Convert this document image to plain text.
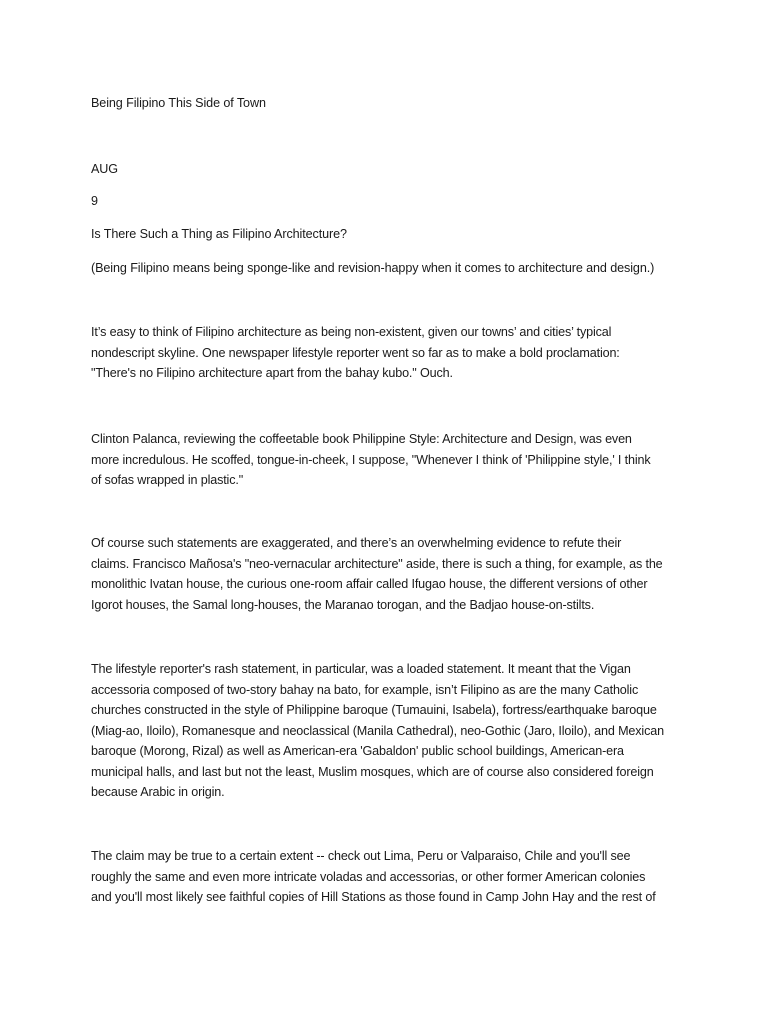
Being Filipino This Side of Town
AUG
9
Is There Such a Thing as Filipino Architecture?
(Being Filipino means being sponge-like and revision-happy when it comes to architecture and design.)

It’s easy to think of Filipino architecture as being non-existent, given our towns’ and cities’ typical
nondescript skyline. One newspaper lifestyle reporter went so far as to make a bold proclamation:
"There's no Filipino architecture apart from the bahay kubo." Ouch.

Clinton Palanca, reviewing the coffeetable book Philippine Style: Architecture and Design, was even
more incredulous. He scoffed, tongue-in-cheek, I suppose, "Whenever I think of 'Philippine style,' I think
of sofas wrapped in plastic."

Of course such statements are exaggerated, and there’s an overwhelming evidence to refute their
claims. Francisco Mañosa's "neo-vernacular architecture" aside, there is such a thing, for example, as the
monolithic Ivatan house, the curious one-room affair called Ifugao house, the different versions of other
Igorot houses, the Samal long-houses, the Maranao torogan, and the Badjao house-on-stilts.

The lifestyle reporter's rash statement, in particular, was a loaded statement. It meant that the Vigan
accessoria composed of two-story bahay na bato, for example, isn’t Filipino as are the many Catholic
churches constructed in the style of Philippine baroque (Tumauini, Isabela), fortress/earthquake baroque
(Miag-ao, Iloilo), Romanesque and neoclassical (Manila Cathedral), neo-Gothic (Jaro, Iloilo), and Mexican
baroque (Morong, Rizal) as well as American-era 'Gabaldon' public school buildings, American-era
municipal halls, and last but not the least, Muslim mosques, which are of course also considered foreign
because Arabic in origin.

The claim may be true to a certain extent -- check out Lima, Peru or Valparaiso, Chile and you'll see
roughly the same and even more intricate voladas and accessorias, or other former American colonies
and you'll most likely see faithful copies of Hill Stations as those found in Camp John Hay and the rest of
